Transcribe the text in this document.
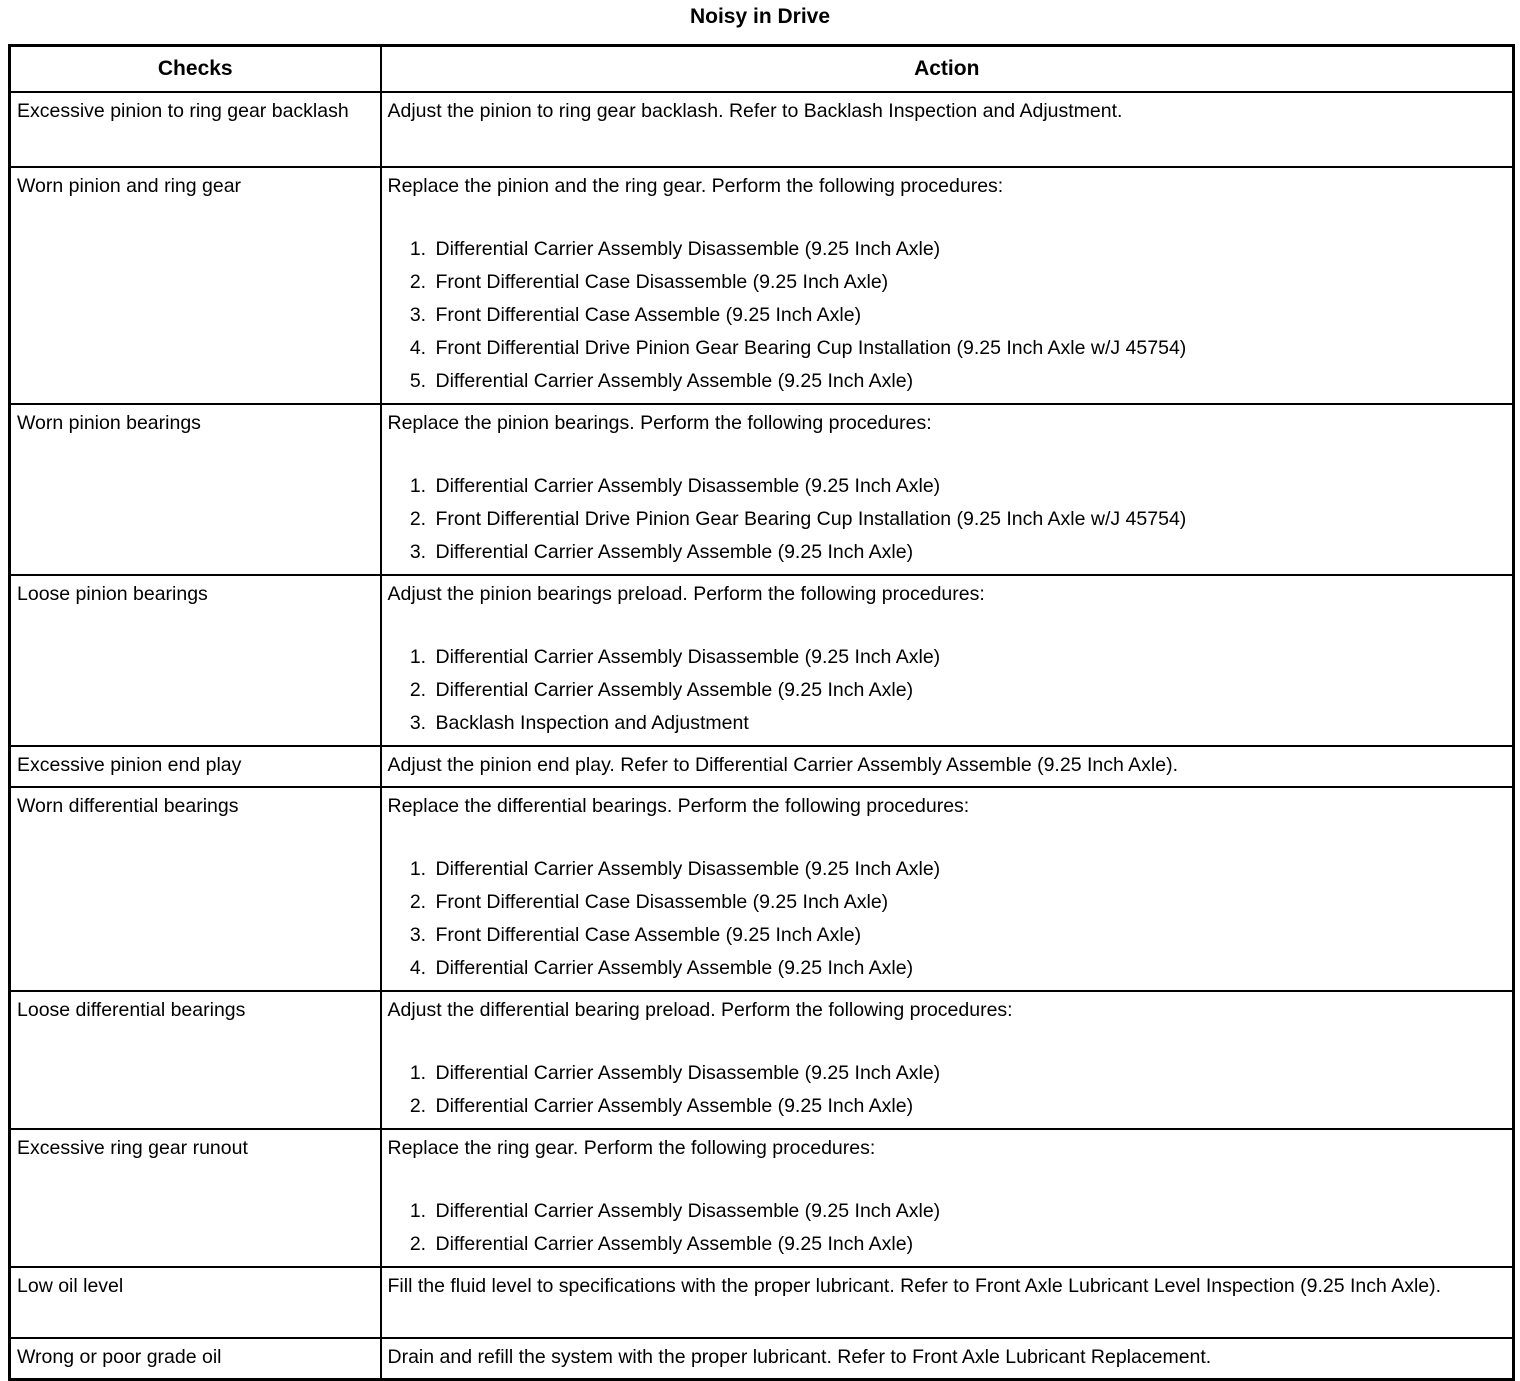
Noisy in Drive
Checks	Action
Excessive pinion to ring gear backlash	Adjust the pinion to ring gear backlash. Refer to Backlash Inspection and Adjustment.

Worn pinion and ring gear	Replace the pinion and the ring gear. Perform the following procedures:

1. Differential Carrier Assembly Disassemble (9.25 Inch Axle)
2. Front Differential Case Disassemble (9.25 Inch Axle)
3. Front Differential Case Assemble (9.25 Inch Axle)
4. Front Differential Drive Pinion Gear Bearing Cup Installation (9.25 Inch Axle w/J 45754)
5. Differential Carrier Assembly Assemble (9.25 Inch Axle)

Worn pinion bearings	Replace the pinion bearings. Perform the following procedures:

1. Differential Carrier Assembly Disassemble (9.25 Inch Axle)
2. Front Differential Drive Pinion Gear Bearing Cup Installation (9.25 Inch Axle w/J 45754)
3. Differential Carrier Assembly Assemble (9.25 Inch Axle)

Loose pinion bearings	Adjust the pinion bearings preload. Perform the following procedures:

1. Differential Carrier Assembly Disassemble (9.25 Inch Axle)
2. Differential Carrier Assembly Assemble (9.25 Inch Axle)
3. Backlash Inspection and Adjustment

Excessive pinion end play	Adjust the pinion end play. Refer to Differential Carrier Assembly Assemble (9.25 Inch Axle).

Worn differential bearings	Replace the differential bearings. Perform the following procedures:

1. Differential Carrier Assembly Disassemble (9.25 Inch Axle)
2. Front Differential Case Disassemble (9.25 Inch Axle)
3. Front Differential Case Assemble (9.25 Inch Axle)
4. Differential Carrier Assembly Assemble (9.25 Inch Axle)

Loose differential bearings	Adjust the differential bearing preload. Perform the following procedures:

1. Differential Carrier Assembly Disassemble (9.25 Inch Axle)
2. Differential Carrier Assembly Assemble (9.25 Inch Axle)

Excessive ring gear runout	Replace the ring gear. Perform the following procedures:

1. Differential Carrier Assembly Disassemble (9.25 Inch Axle)
2. Differential Carrier Assembly Assemble (9.25 Inch Axle)

Low oil level	Fill the fluid level to specifications with the proper lubricant. Refer to Front Axle Lubricant Level Inspection (9.25 Inch Axle).

Wrong or poor grade oil	Drain and refill the system with the proper lubricant. Refer to Front Axle Lubricant Replacement.
